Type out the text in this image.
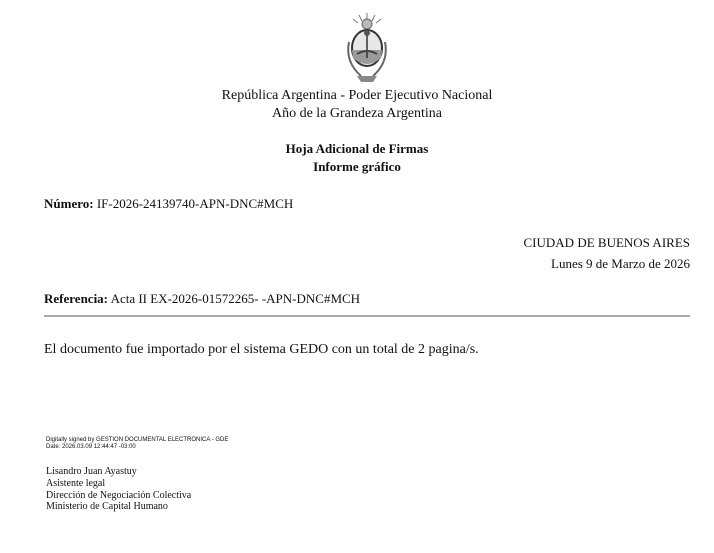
República Argentina - Poder Ejecutivo Nacional
Año de la Grandeza Argentina
Hoja Adicional de Firmas
Informe gráfico
Número: IF-2026-24139740-APN-DNC#MCH
CIUDAD DE BUENOS AIRES
Lunes 9 de Marzo de 2026
Referencia: Acta II EX-2026-01572265- -APN-DNC#MCH
El documento fue importado por el sistema GEDO con un total de 2 pagina/s.
Digitally signed by GESTION DOCUMENTAL ELECTRONICA - GDE
Date: 2026.03.09 12:44:47 -03:00
Lisandro Juan Ayastuy
Asistente legal
Dirección de Negociación Colectiva
Ministerio de Capital Humano
